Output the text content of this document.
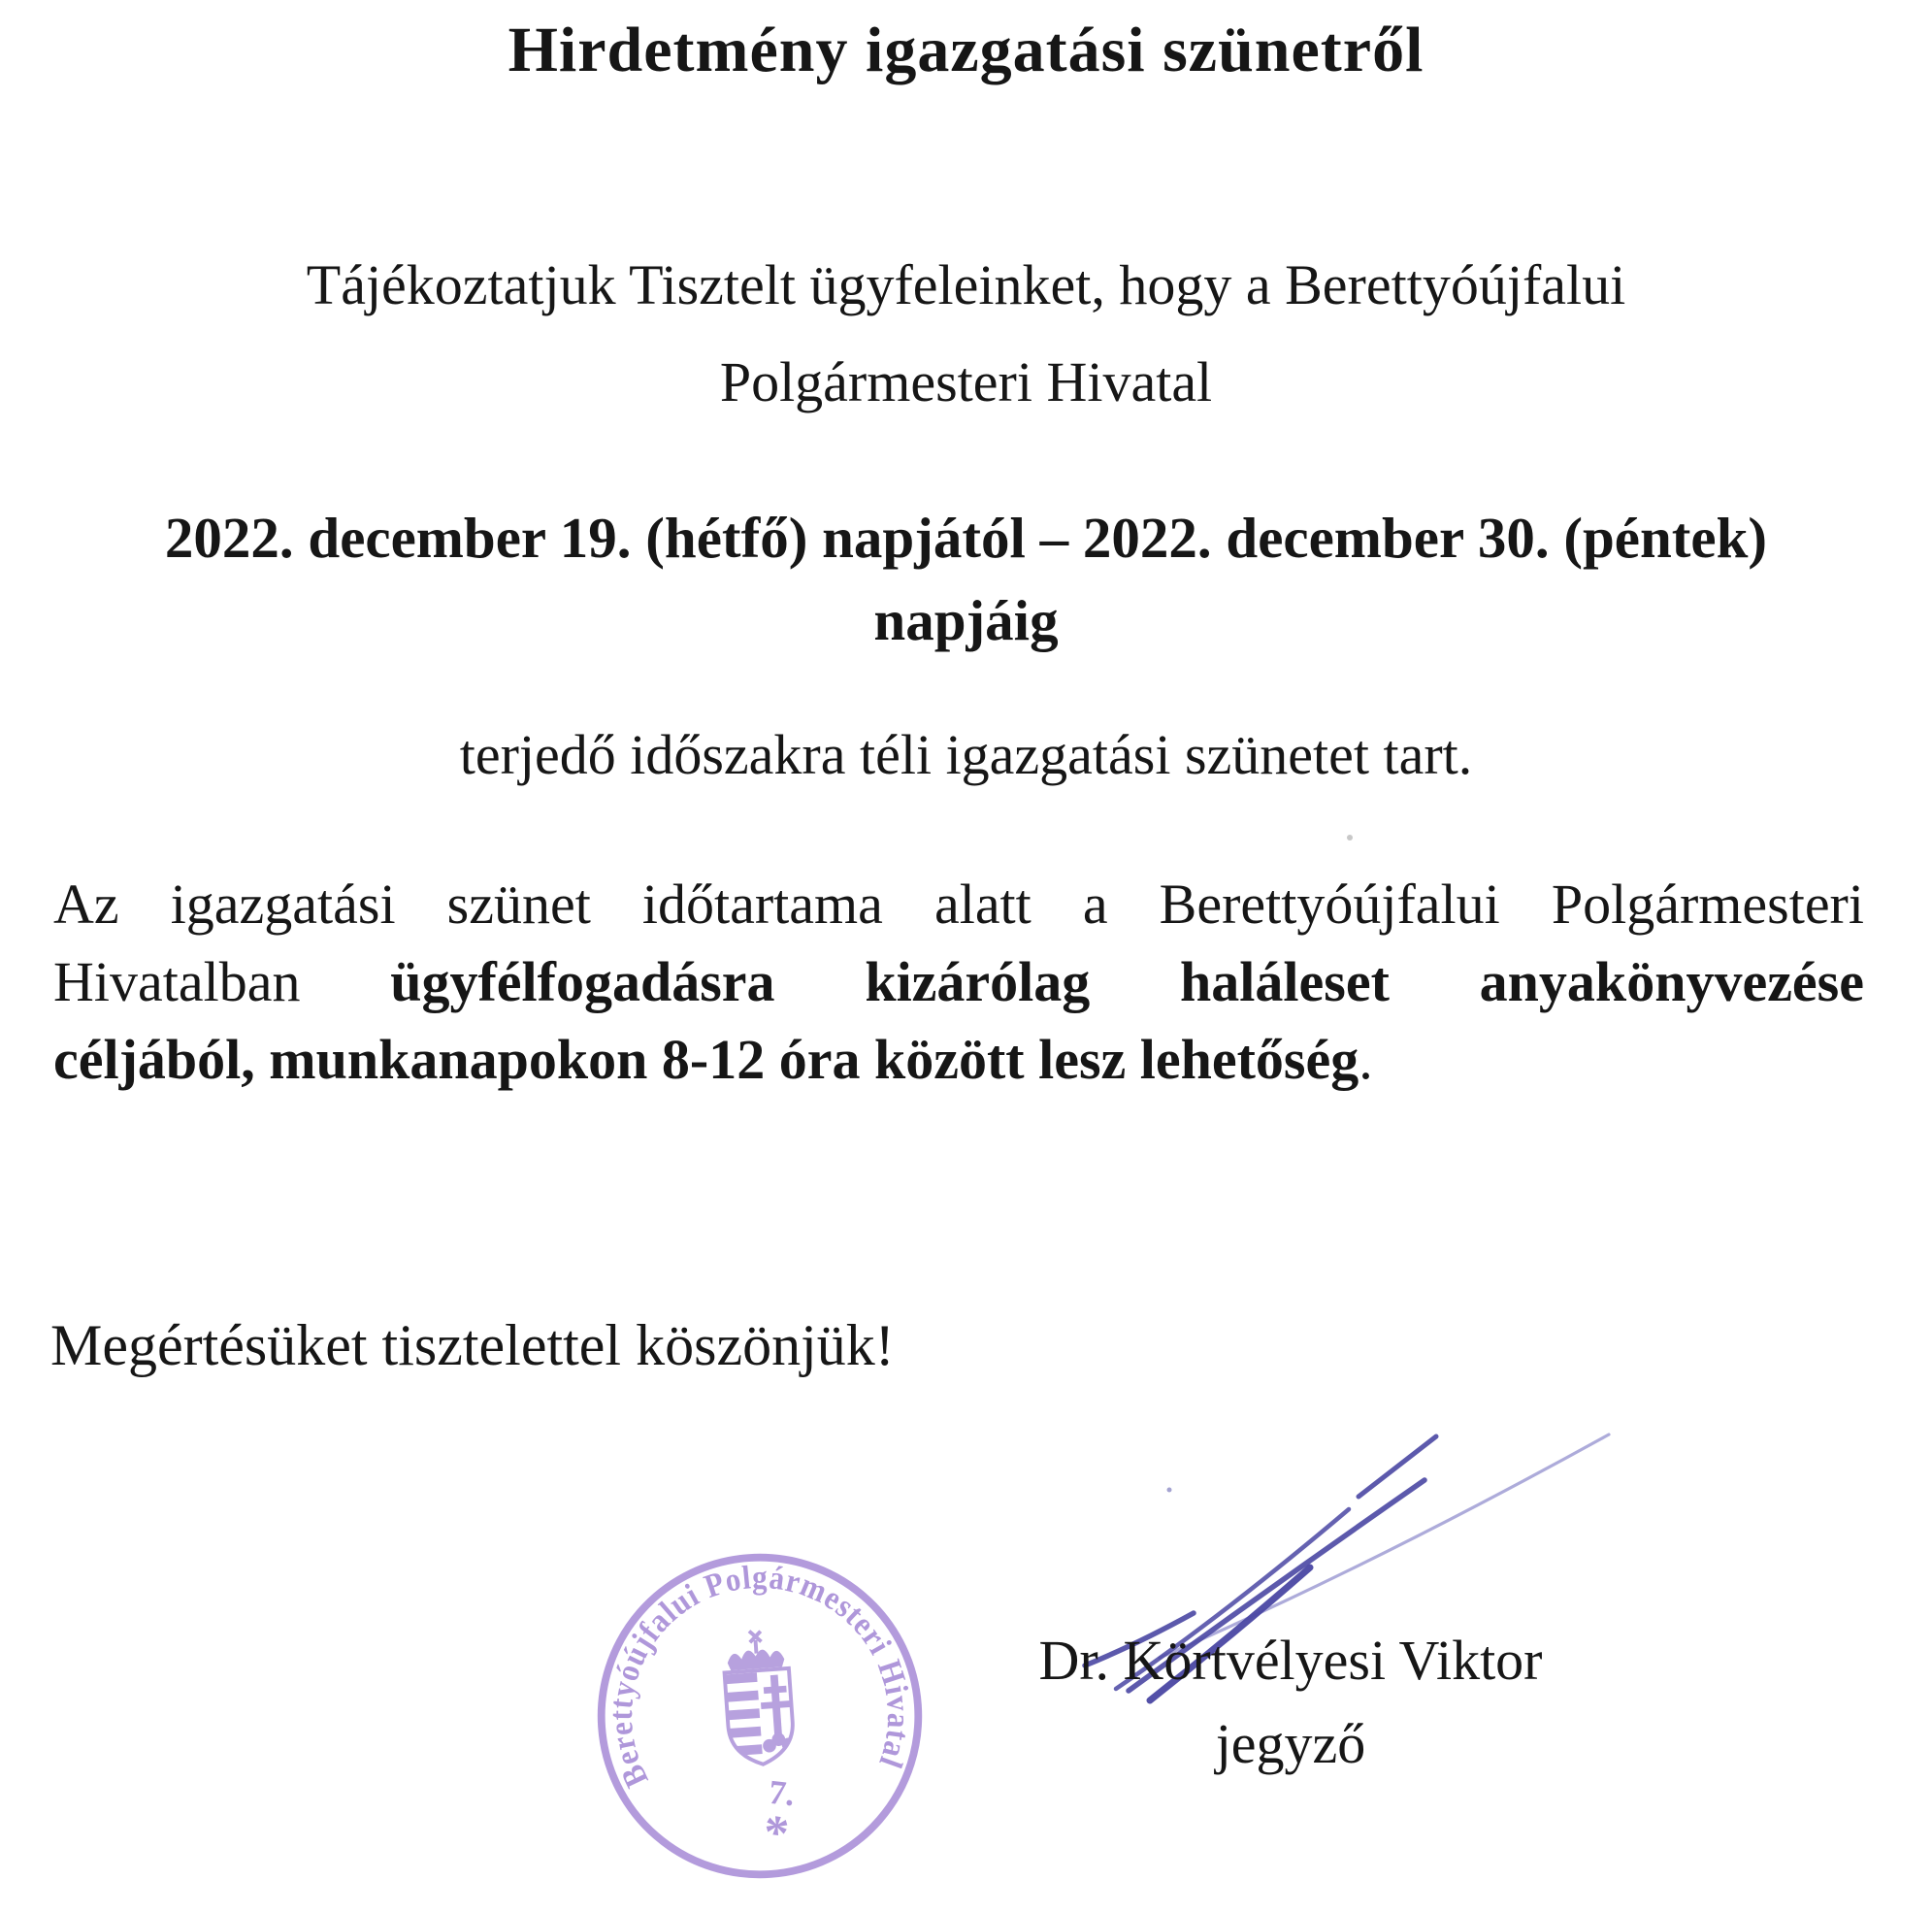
Hirdetmény igazgatási szünetről
Tájékoztatjuk Tisztelt ügyfeleinket, hogy a Berettyóújfalui
Polgármesteri Hivatal
2022. december 19. (hétfő) napjától – 2022. december 30. (péntek)
napjáig
terjedő időszakra téli igazgatási szünetet tart.
Az igazgatási szünet időtartama alatt a Berettyóújfalui Polgármesteri
Hivatalban ügyfélfogadásra kizárólag haláleset anyakönyvezése
céljából, munkanapokon 8-12 óra között lesz lehetőség.
Megértésüket tisztelettel köszönjük!
Berettyóújfalui Polgármesteri Hivatal
7.
*
Dr. Körtvélyesi Viktor
jegyző
